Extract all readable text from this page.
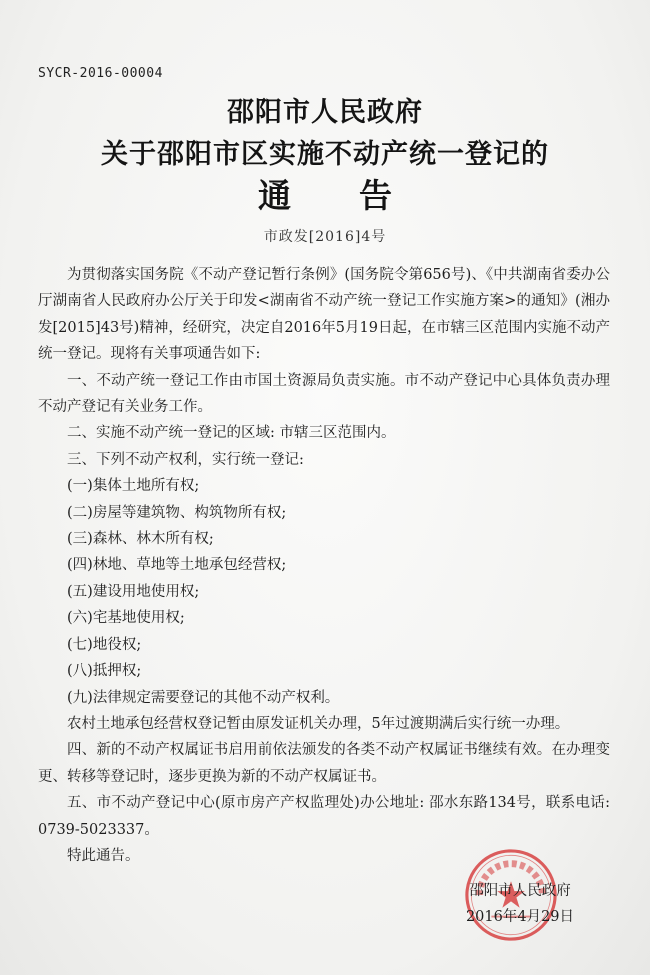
SYCR-2016-00004
邵阳市人民政府
关于邵阳市区实施不动产统一登记的
通 告
市政发[2016]4号

为贯彻落实国务院《不动产登记暂行条例》(国务院令第656号)、《中共湖南省委办公厅湖南省人民政府办公厅关于印发<湖南省不动产统一登记工作实施方案>的通知》(湘办发[2015]43号)精神，经研究，决定自2016年5月19日起，在市辖三区范围内实施不动产统一登记。现将有关事项通告如下:

一、不动产统一登记工作由市国土资源局负责实施。市不动产登记中心具体负责办理不动产登记有关业务工作。

二、实施不动产统一登记的区域: 市辖三区范围内。

三、下列不动产权利，实行统一登记:

(一)集体土地所有权;

(二)房屋等建筑物、构筑物所有权;

(三)森林、林木所有权;

(四)林地、草地等土地承包经营权;

(五)建设用地使用权;

(六)宅基地使用权;

(七)地役权;

(八)抵押权;

(九)法律规定需要登记的其他不动产权利。

农村土地承包经营权登记暂由原发证机关办理，5年过渡期满后实行统一办理。

四、新的不动产权属证书启用前依法颁发的各类不动产权属证书继续有效。在办理变更、转移等登记时，逐步更换为新的不动产权属证书。

五、市不动产登记中心(原市房产产权监理处)办公地址: 邵水东路134号，联系电话: 0739-5023337。

特此通告。

邵阳市人民政府
2016年4月29日
